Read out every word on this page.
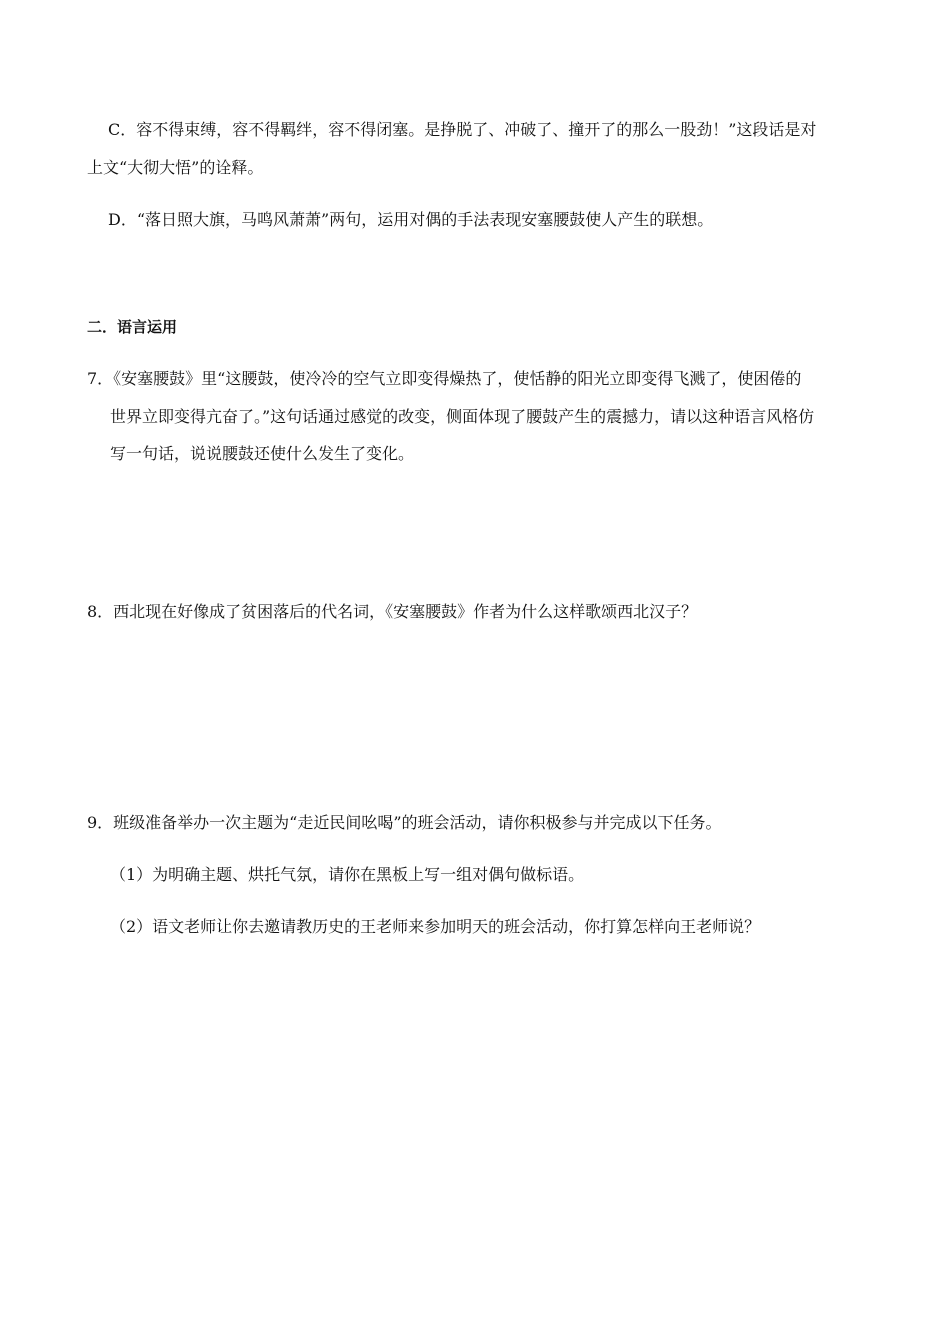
C．容不得束缚，容不得羁绊，容不得闭塞。是挣脱了、冲破了、撞开了的那么一股劲！”这段话是对
上文“大彻大悟”的诠释。
D．“落日照大旗，马鸣风萧萧”两句，运用对偶的手法表现安塞腰鼓使人产生的联想。
二．语言运用
7．《安塞腰鼓》里“这腰鼓，使冷冷的空气立即变得燥热了，使恬静的阳光立即变得飞溅了，使困倦的
世界立即变得亢奋了。”这句话通过感觉的改变，侧面体现了腰鼓产生的震撼力，请以这种语言风格仿
写一句话，说说腰鼓还使什么发生了变化。
8．西北现在好像成了贫困落后的代名词，《安塞腰鼓》作者为什么这样歌颂西北汉子？
9．班级准备举办一次主题为“走近民间吆喝”的班会活动，请你积极参与并完成以下任务。
（1）为明确主题、烘托气氛，请你在黑板上写一组对偶句做标语。
（2）语文老师让你去邀请教历史的王老师来参加明天的班会活动，你打算怎样向王老师说？
